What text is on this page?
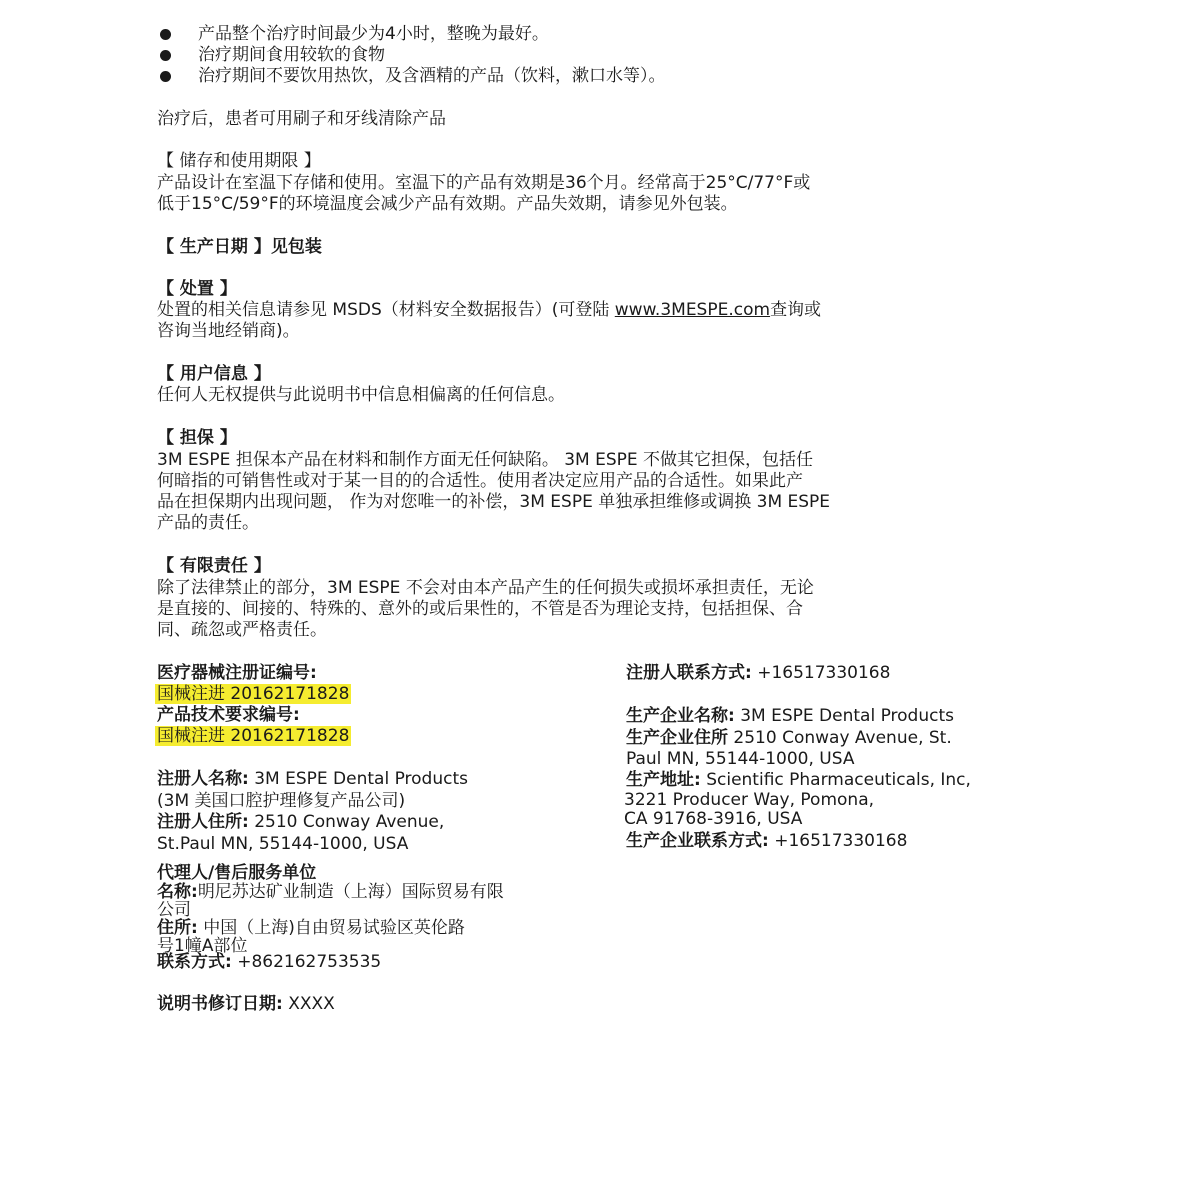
产品整个治疗时间最少为4小时，整晚为最好。
治疗期间食用较软的食物
治疗期间不要饮用热饮，及含酒精的产品（饮料，漱口水等）。
治疗后，患者可用刷子和牙线清除产品
【 储存和使用期限 】
产品设计在室温下存储和使用。室温下的产品有效期是36个月。经常高于25°C/77°F或
低于15°C/59°F的环境温度会减少产品有效期。产品失效期，请参见外包装。
【 生产日期 】见包装
【 处置 】
处置的相关信息请参见 MSDS（材料安全数据报告）(可登陆 www.3MESPE.com查询或
咨询当地经销商)。
【 用户信息 】
任何人无权提供与此说明书中信息相偏离的任何信息。
【 担保 】
3M ESPE 担保本产品在材料和制作方面无任何缺陷。 3M ESPE 不做其它担保，包括任
何暗指的可销售性或对于某一目的的合适性。使用者决定应用产品的合适性。如果此产
品在担保期内出现问题， 作为对您唯一的补偿，3M ESPE 单独承担维修或调换 3M ESPE
产品的责任。
【 有限责任 】
除了法律禁止的部分，3M ESPE 不会对由本产品产生的任何损失或损坏承担责任，无论
是直接的、间接的、特殊的、意外的或后果性的，不管是否为理论支持，包括担保、合
同、疏忽或严格责任。
医疗器械注册证编号:
国械注进 20162171828
产品技术要求编号:
国械注进 20162171828
注册人名称: 3M ESPE Dental Products
(3M 美国口腔护理修复产品公司)
注册人住所: 2510 Conway Avenue,
St.Paul MN, 55144-1000, USA
代理人/售后服务单位
名称:明尼苏达矿业制造（上海）国际贸易有限
公司
住所: 中国（上海)自由贸易试验区英伦路
号1幢A部位
联系方式: +862162753535
说明书修订日期: XXXX
注册人联系方式: +16517330168
生产企业名称: 3M ESPE Dental Products
生产企业住所 2510 Conway Avenue, St.
Paul MN, 55144-1000, USA
生产地址: Scientific Pharmaceuticals, Inc,
3221 Producer Way, Pomona,
CA 91768-3916, USA
生产企业联系方式: +16517330168
